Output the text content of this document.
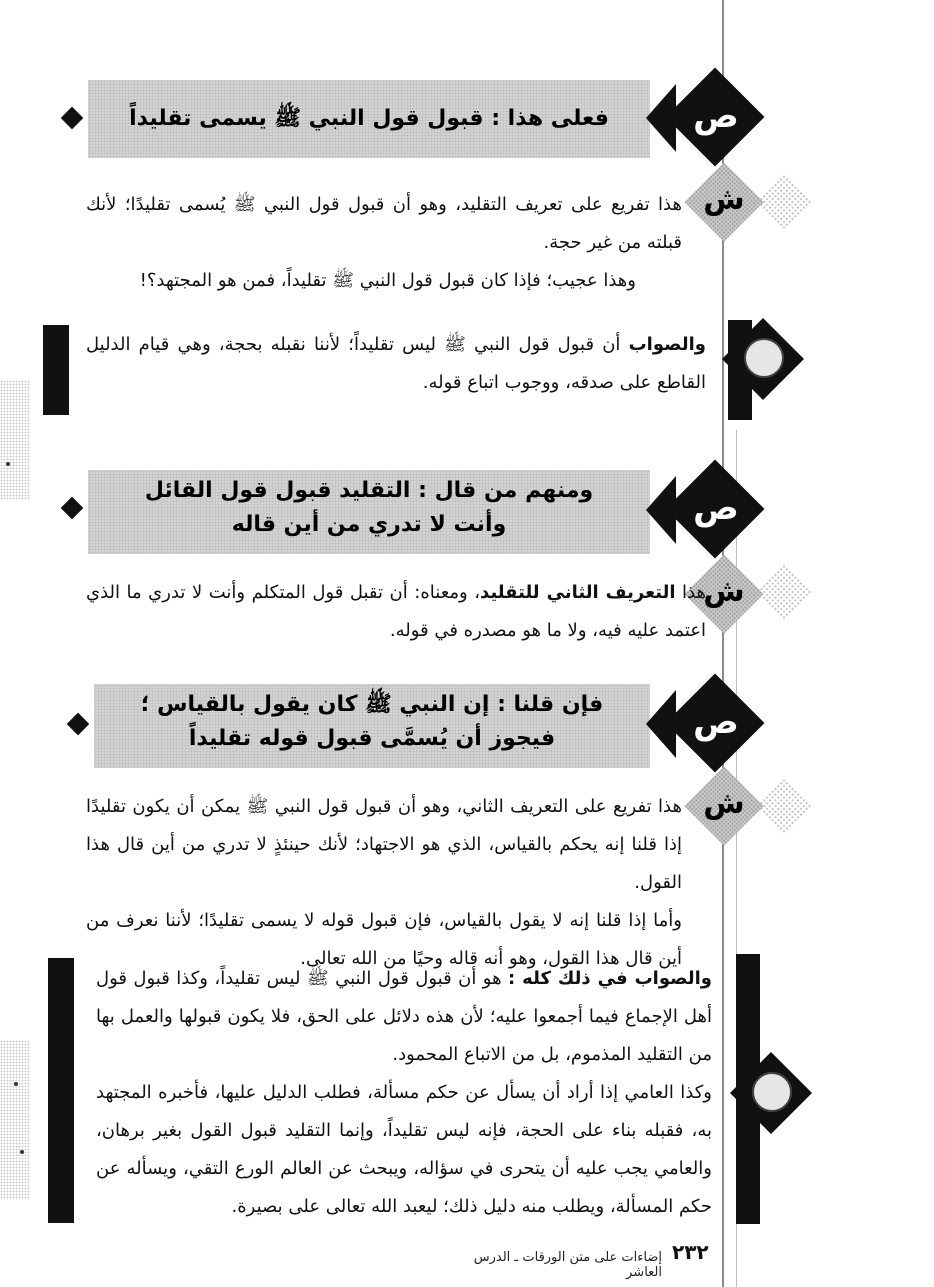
فعلى هذا : قبول قول النبي ﷺ يسمى تقليداً	ص
ش

هذا تفريع على تعريف التقليد، وهو أن قبول قول النبي ﷺ يُسمى تقليدًا؛ لأنك قبلته من غير حجة.

وهذا عجيب؛ فإذا كان قبول قول النبي ﷺ تقليداً، فمن هو المجتهد؟!

والصواب أن قبول قول النبي ﷺ ليس تقليداً؛ لأننا نقبله بحجة، وهي قيام الدليل القاطع على صدقه، ووجوب اتباع قوله.

ومنهم من قال : التقليد قبول قول القائل
وأنت لا تدري من أين قاله	ص
ش

هذا التعريف الثاني للتقليد، ومعناه: أن تقبل قول المتكلم وأنت لا تدري ما الذي اعتمد عليه فيه، ولا ما هو مصدره في قوله.

فإن قلنا : إن النبي ﷺ كان يقول بالقياس ؛
فيجوز أن يُسمَّى قبول قوله تقليداً	ص
ش

هذا تفريع على التعريف الثاني، وهو أن قبول قول النبي ﷺ يمكن أن يكون تقليدًا إذا قلنا إنه يحكم بالقياس، الذي هو الاجتهاد؛ لأنك حينئذٍ لا تدري من أين قال هذا القول.

وأما إذا قلنا إنه لا يقول بالقياس، فإن قبول قوله لا يسمى تقليدًا؛ لأننا نعرف من أين قال هذا القول، وهو أنه قاله وحيًا من الله تعالى.

والصواب في ذلك كله : هو أن قبول قول النبي ﷺ ليس تقليداً، وكذا قبول قول أهل الإجماع فيما أجمعوا عليه؛ لأن هذه دلائل على الحق، فلا يكون قبولها والعمل بها من التقليد المذموم، بل من الاتباع المحمود.

وكذا العامي إذا أراد أن يسأل عن حكم مسألة، فطلب الدليل عليها، فأخبره المجتهد به، فقبله بناء على الحجة، فإنه ليس تقليداً، وإنما التقليد قبول القول بغير برهان، والعامي يجب عليه أن يتحرى في سؤاله، ويبحث عن العالم الورع التقي، ويسأله عن حكم المسألة، ويطلب منه دليل ذلك؛ ليعبد الله تعالى على بصيرة.

٢٣٢
إضاءات على متن الورقات ـ الدرس العاشر
